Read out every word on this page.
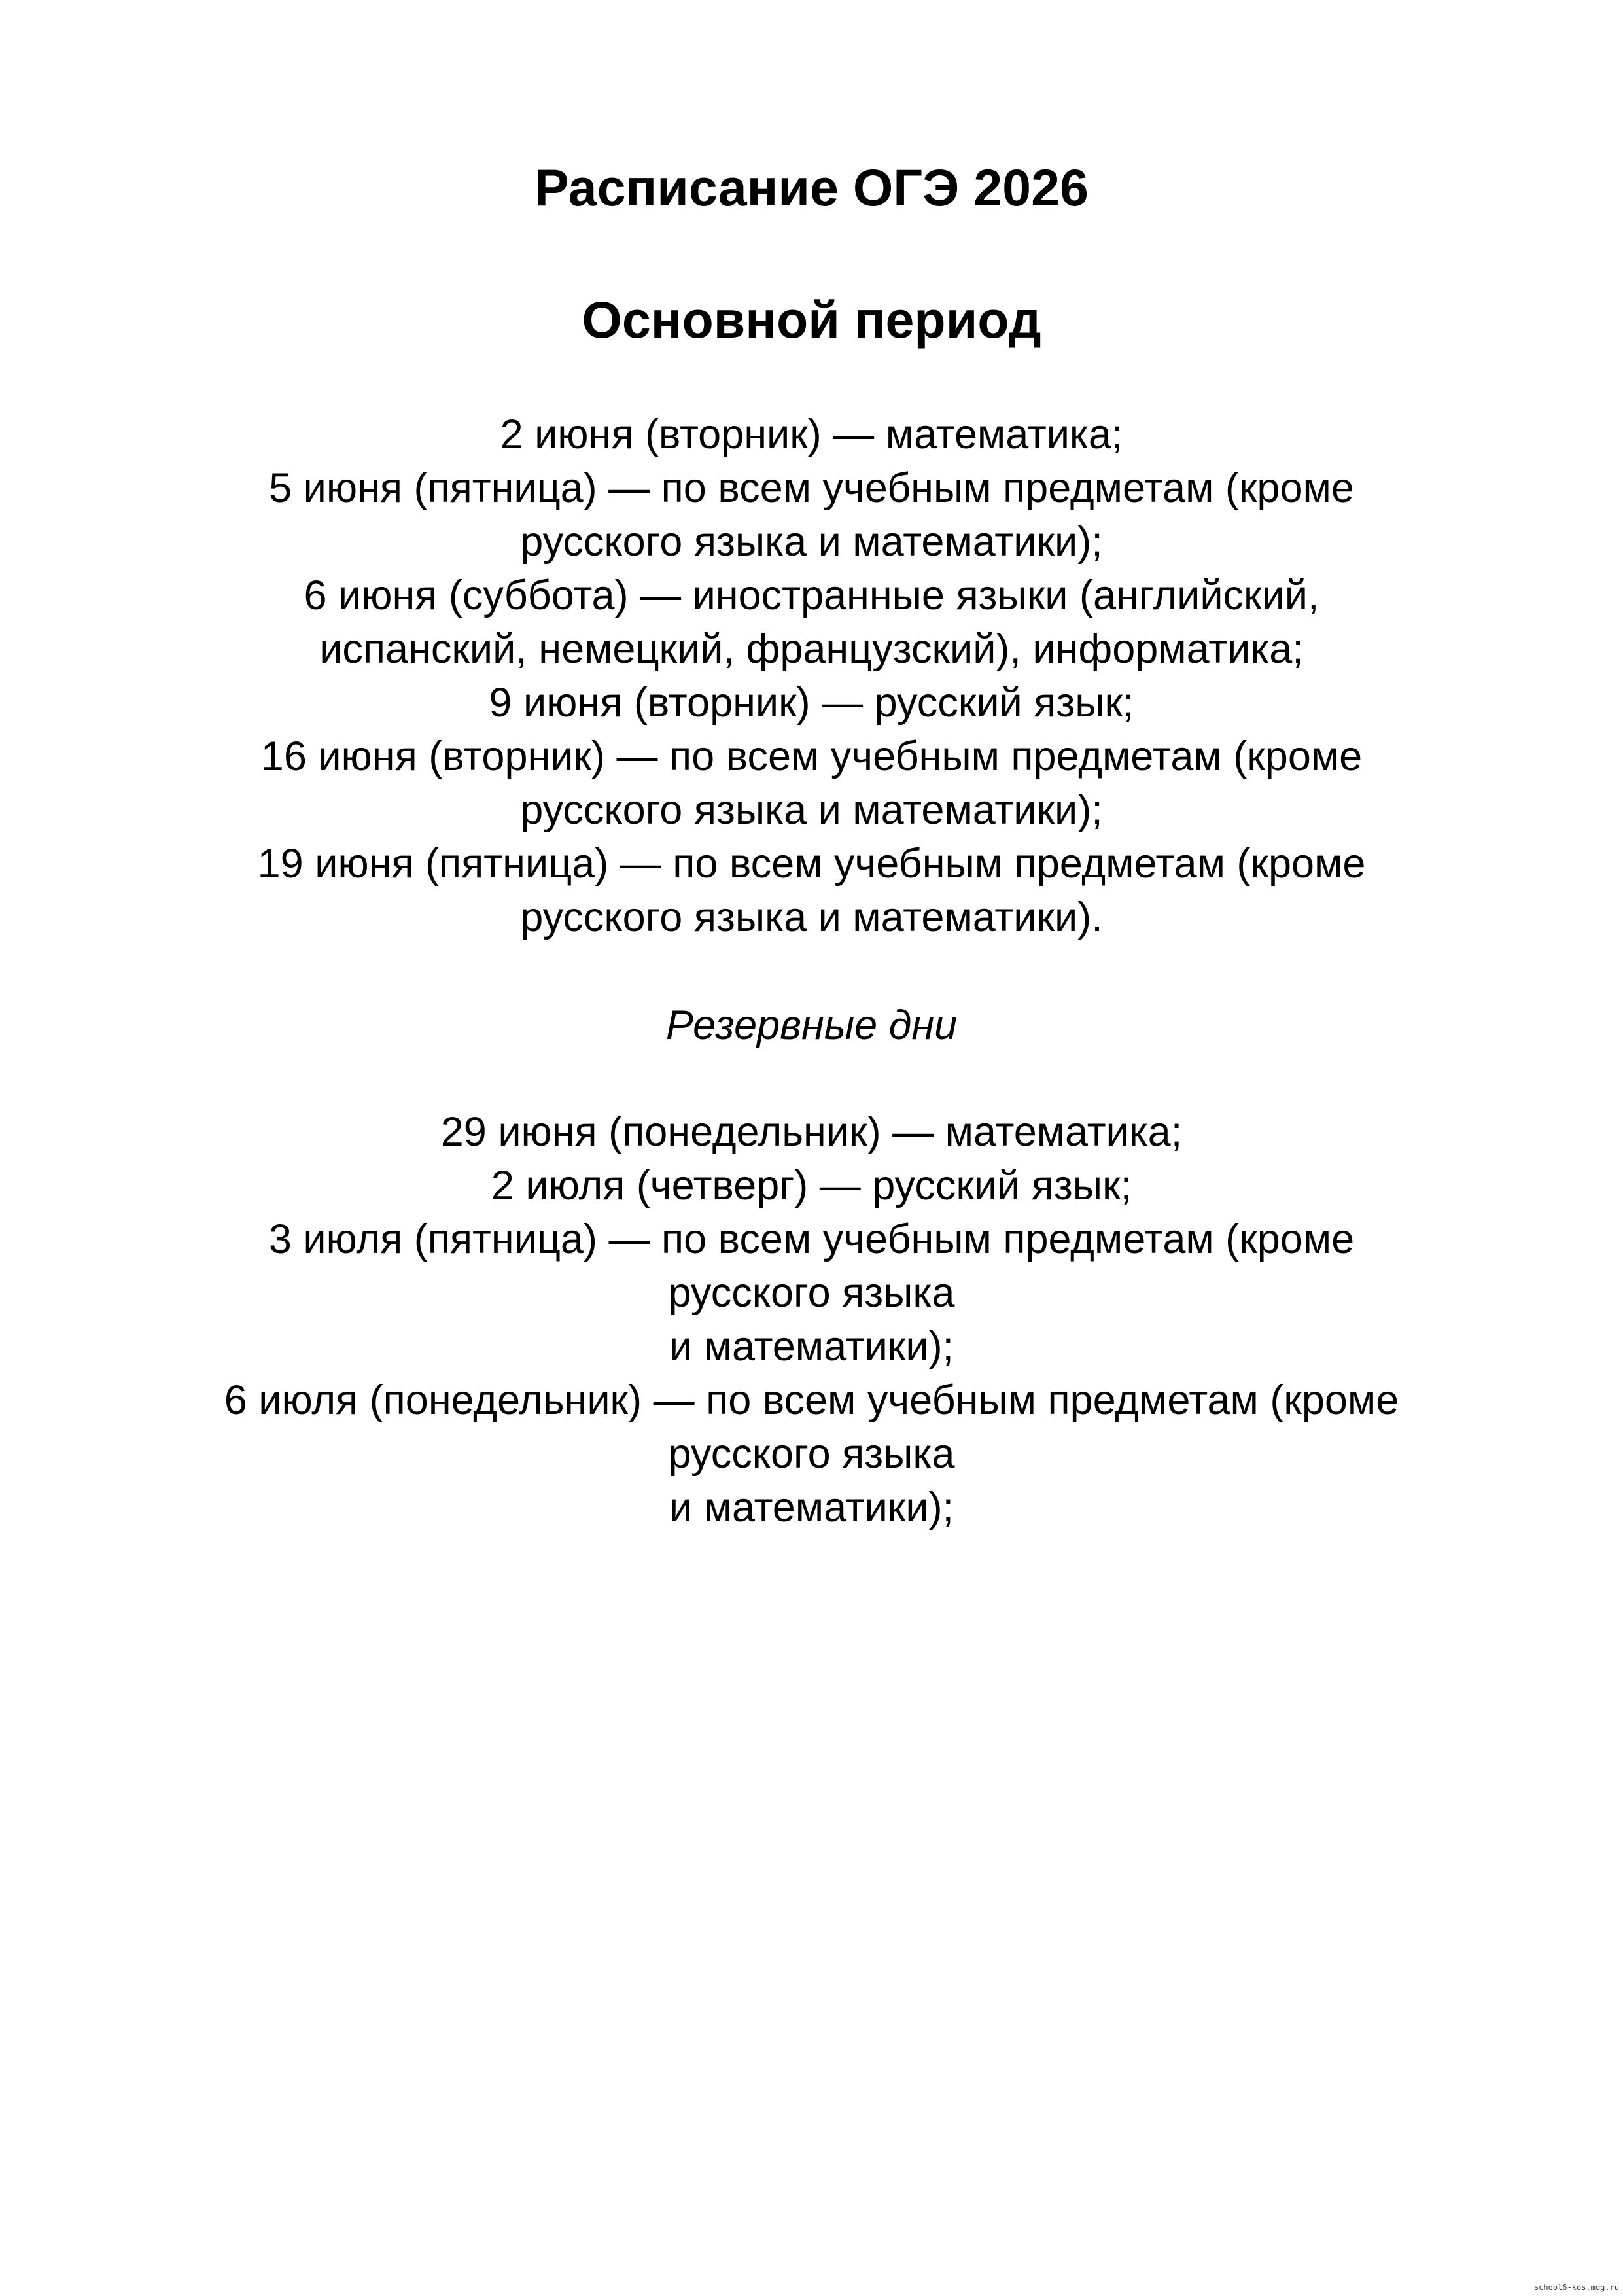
Расписание ОГЭ 2026
Основной период
2 июня (вторник) — математика;
5 июня (пятница) — по всем учебным предметам (кроме
русского языка и математики);
6 июня (суббота) — иностранные языки (английский,
испанский, немецкий, французский), информатика;
9 июня (вторник) — русский язык;
16 июня (вторник) — по всем учебным предметам (кроме
русского языка и математики);
19 июня (пятница) — по всем учебным предметам (кроме
русского языка и математики).
Резервные дни
29 июня (понедельник) — математика;
2 июля (четверг) — русский язык;
3 июля (пятница) — по всем учебным предметам (кроме
русского языка
и математики);
6 июля (понедельник) — по всем учебным предметам (кроме
русского языка
и математики);
school6-kos.mog.ru
